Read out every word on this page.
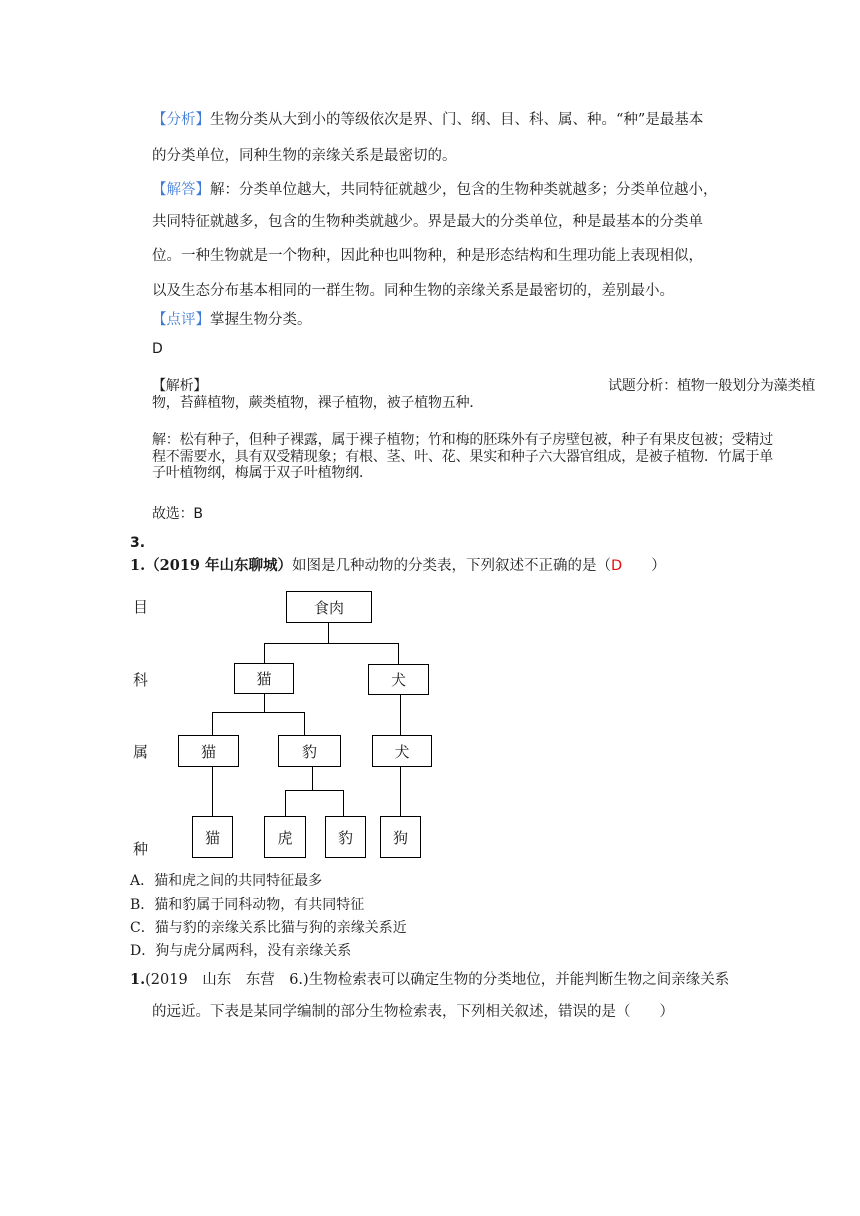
【分析】生物分类从大到小的等级依次是界、门、纲、目、科、属、种。“种”是最基本
的分类单位，同种生物的亲缘关系是最密切的。
【解答】解：分类单位越大，共同特征就越少，包含的生物种类就越多；分类单位越小，
共同特征就越多，包含的生物种类就越少。界是最大的分类单位，种是最基本的分类单
位。一种生物就是一个物种，因此种也叫物种，种是形态结构和生理功能上表现相似，
以及生态分布基本相同的一群生物。同种生物的亲缘关系是最密切的，差别最小。
【点评】掌握生物分类。
D
【解析】	试题分析：植物一般划分为藻类植
物，苔藓植物，蕨类植物，裸子植物，被子植物五种．
解：松有种子，但种子裸露，属于裸子植物；竹和梅的胚珠外有子房壁包被，种子有果皮包被；受精过
程不需要水，具有双受精现象；有根、茎、叶、花、果实和种子六大器官组成，是被子植物．竹属于单
子叶植物纲，梅属于双子叶植物纲．
故选：B
3.
1.（2019 年山东聊城）如图是几种动物的分类表，下列叙述不正确的是（D　　）
目
科
属
种
食肉
猫	犬
猫	豹	犬
猫	虎	豹	狗
A．猫和虎之间的共同特征最多
B．猫和豹属于同科动物，有共同特征
C．猫与豹的亲缘关系比猫与狗的亲缘关系近
D．狗与虎分属两科，没有亲缘关系
1.(2019　山东　东营　6.)生物检索表可以确定生物的分类地位，并能判断生物之间亲缘关系
的远近。下表是某同学编制的部分生物检索表，下列相关叙述，错误的是（　　）
